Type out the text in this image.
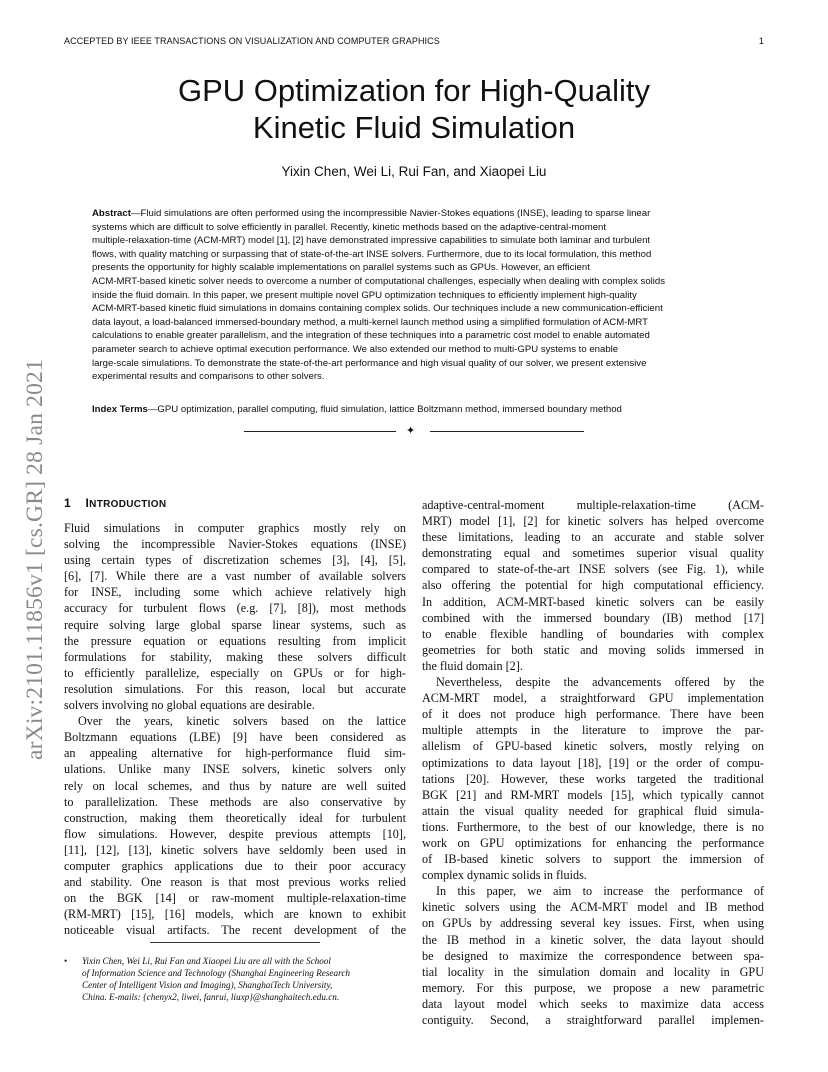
ACCEPTED BY IEEE TRANSACTIONS ON VISUALIZATION AND COMPUTER GRAPHICS	1
GPU Optimization for High-Quality
Kinetic Fluid Simulation
Yixin Chen, Wei Li, Rui Fan, and Xiaopei Liu
Abstract—Fluid simulations are often performed using the incompressible Navier-Stokes equations (INSE), leading to sparse linear
systems which are difficult to solve efficiently in parallel. Recently, kinetic methods based on the adaptive-central-moment
multiple-relaxation-time (ACM-MRT) model [1], [2] have demonstrated impressive capabilities to simulate both laminar and turbulent
flows, with quality matching or surpassing that of state-of-the-art INSE solvers. Furthermore, due to its local formulation, this method
presents the opportunity for highly scalable implementations on parallel systems such as GPUs. However, an efficient
ACM-MRT-based kinetic solver needs to overcome a number of computational challenges, especially when dealing with complex solids
inside the fluid domain. In this paper, we present multiple novel GPU optimization techniques to efficiently implement high-quality
ACM-MRT-based kinetic fluid simulations in domains containing complex solids. Our techniques include a new communication-efficient
data layout, a load-balanced immersed-boundary method, a multi-kernel launch method using a simplified formulation of ACM-MRT
calculations to enable greater parallelism, and the integration of these techniques into a parametric cost model to enable automated
parameter search to achieve optimal execution performance. We also extended our method to multi-GPU systems to enable
large-scale simulations. To demonstrate the state-of-the-art performance and high visual quality of our solver, we present extensive
experimental results and comparisons to other solvers.
Index Terms—GPU optimization, parallel computing, fluid simulation, lattice Boltzmann method, immersed boundary method
✦
arXiv:2101.11856v1 [cs.GR] 28 Jan 2021 1 INTRODUCTION
Fluid simulations in computer graphics mostly rely on
solving the incompressible Navier-Stokes equations (INSE)
using certain types of discretization schemes [3], [4], [5],
[6], [7]. While there are a vast number of available solvers
for INSE, including some which achieve relatively high
accuracy for turbulent flows (e.g. [7], [8]), most methods
require solving large global sparse linear systems, such as
the pressure equation or equations resulting from implicit
formulations for stability, making these solvers difficult
to efficiently parallelize, especially on GPUs or for high-
resolution simulations. For this reason, local but accurate
solvers involving no global equations are desirable.
Over the years, kinetic solvers based on the lattice
Boltzmann equations (LBE) [9] have been considered as
an appealing alternative for high-performance fluid sim-
ulations. Unlike many INSE solvers, kinetic solvers only
rely on local schemes, and thus by nature are well suited
to parallelization. These methods are also conservative by
construction, making them theoretically ideal for turbulent
flow simulations. However, despite previous attempts [10],
[11], [12], [13], kinetic solvers have seldomly been used in
computer graphics applications due to their poor accuracy
and stability. One reason is that most previous works relied
on the BGK [14] or raw-moment multiple-relaxation-time
(RM-MRT) [15], [16] models, which are known to exhibit
noticeable visual artifacts. The recent development of the
adaptive-central-moment multiple-relaxation-time (ACM-
MRT) model [1], [2] for kinetic solvers has helped overcome
these limitations, leading to an accurate and stable solver
demonstrating equal and sometimes superior visual quality
compared to state-of-the-art INSE solvers (see Fig. 1), while
also offering the potential for high computational efficiency.
In addition, ACM-MRT-based kinetic solvers can be easily
combined with the immersed boundary (IB) method [17]
to enable flexible handling of boundaries with complex
geometries for both static and moving solids immersed in
the fluid domain [2].
Nevertheless, despite the advancements offered by the
ACM-MRT model, a straightforward GPU implementation
of it does not produce high performance. There have been
multiple attempts in the literature to improve the par-
allelism of GPU-based kinetic solvers, mostly relying on
optimizations to data layout [18], [19] or the order of compu-
tations [20]. However, these works targeted the traditional
BGK [21] and RM-MRT models [15], which typically cannot
attain the visual quality needed for graphical fluid simula-
tions. Furthermore, to the best of our knowledge, there is no
work on GPU optimizations for enhancing the performance
of IB-based kinetic solvers to support the immersion of
complex dynamic solids in fluids.
In this paper, we aim to increase the performance of
kinetic solvers using the ACM-MRT model and IB method
on GPUs by addressing several key issues. First, when using
the IB method in a kinetic solver, the data layout should
be designed to maximize the correspondence between spa-
tial locality in the simulation domain and locality in GPU
memory. For this purpose, we propose a new parametric
data layout model which seeks to maximize data access
contiguity. Second, a straightforward parallel implemen-
• Yixin Chen, Wei Li, Rui Fan and Xiaopei Liu are all with the School
of Information Science and Technology (Shanghai Engineering Research
Center of Intelligent Vision and Imaging), ShanghaiTech University,
China. E-mails: {chenyx2, liwei, fanrui, liuxp}@shanghaitech.edu.cn.
